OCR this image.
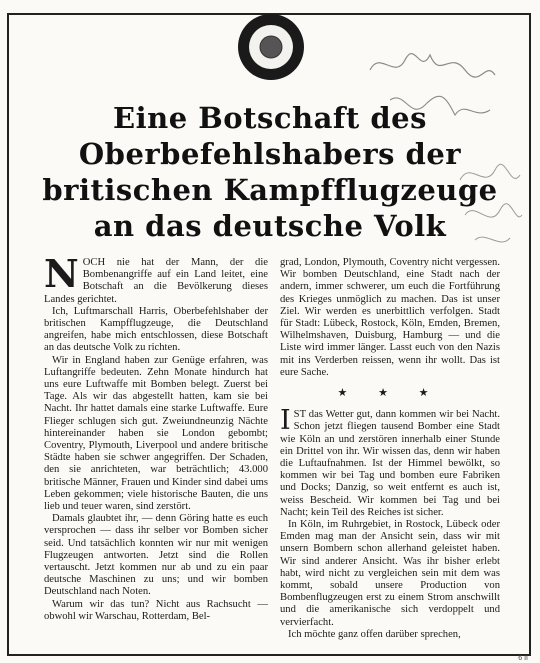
Eine Botschaft des
Oberbefehlshabers der
britischen Kampfflugzeuge
an das deutsche Volk

NOCH nie hat der Mann, der die Bombenangriffe auf ein Land leitet, eine Botschaft an die Bevölkerung dieses Landes gerichtet.

Ich, Luftmarschall Harris, Oberbefehlshaber der britischen Kampfflugzeuge, die Deutschland angreifen, habe mich entschlossen, diese Botschaft an das deutsche Volk zu richten.

Wir in England haben zur Genüge erfahren, was Luftangriffe bedeuten. Zehn Monate hindurch hat uns eure Luftwaffe mit Bomben belegt. Zuerst bei Tage. Als wir das abgestellt hatten, kam sie bei Nacht. Ihr hattet damals eine starke Luftwaffe. Eure Flieger schlugen sich gut. Zweiundneunzig Nächte hintereinander haben sie London gebombt; Coventry, Plymouth, Liverpool und andere britische Städte haben sie schwer angegriffen. Der Schaden, den sie anrichteten, war beträchtlich; 43.000 britische Männer, Frauen und Kinder sind dabei ums Leben gekommen; viele historische Bauten, die uns lieb und teuer waren, sind zerstört.

Damals glaubtet ihr, — denn Göring hatte es euch versprochen — dass ihr selber vor Bomben sicher seid. Und tatsächlich konnten wir nur mit wenigen Flugzeugen antworten. Jetzt sind die Rollen vertauscht. Jetzt kommen nur ab und zu ein paar deutsche Maschinen zu uns; und wir bomben Deutschland nach Noten.

Warum wir das tun? Nicht aus Rachsucht — obwohl wir Warschau, Rotterdam, Bel-

grad, London, Plymouth, Coventry nicht vergessen. Wir bomben Deutschland, eine Stadt nach der andern, immer schwerer, um euch die Fortführung des Krieges unmöglich zu machen. Das ist unser Ziel. Wir werden es unerbittlich verfolgen. Stadt für Stadt: Lübeck, Rostock, Köln, Emden, Bremen, Wilhelmshaven, Duisburg, Hamburg — und die Liste wird immer länger. Lasst euch von den Nazis mit ins Verderben reissen, wenn ihr wollt. Das ist eure Sache.

★ ★ ★

IST das Wetter gut, dann kommen wir bei Nacht. Schon jetzt fliegen tausend Bomber eine Stadt wie Köln an und zerstören innerhalb einer Stunde ein Drittel von ihr. Wir wissen das, denn wir haben die Luftaufnahmen. Ist der Himmel bewölkt, so kommen wir bei Tag und bomben eure Fabriken und Docks; Danzig, so weit entfernt es auch ist, weiss Bescheid. Wir kommen bei Tag und bei Nacht; kein Teil des Reiches ist sicher.

In Köln, im Ruhrgebiet, in Rostock, Lübeck oder Emden mag man der Ansicht sein, dass wir mit unsern Bombern schon allerhand geleistet haben. Wir sind anderer Ansicht. Was ihr bisher erlebt habt, wird nicht zu vergleichen sein mit dem was kommt, sobald unsere Production von Bombenflugzeugen erst zu einem Strom anschwillt und die amerikanische sich verdoppelt und vervierfacht.

Ich möchte ganz offen darüber sprechen,

6 II
